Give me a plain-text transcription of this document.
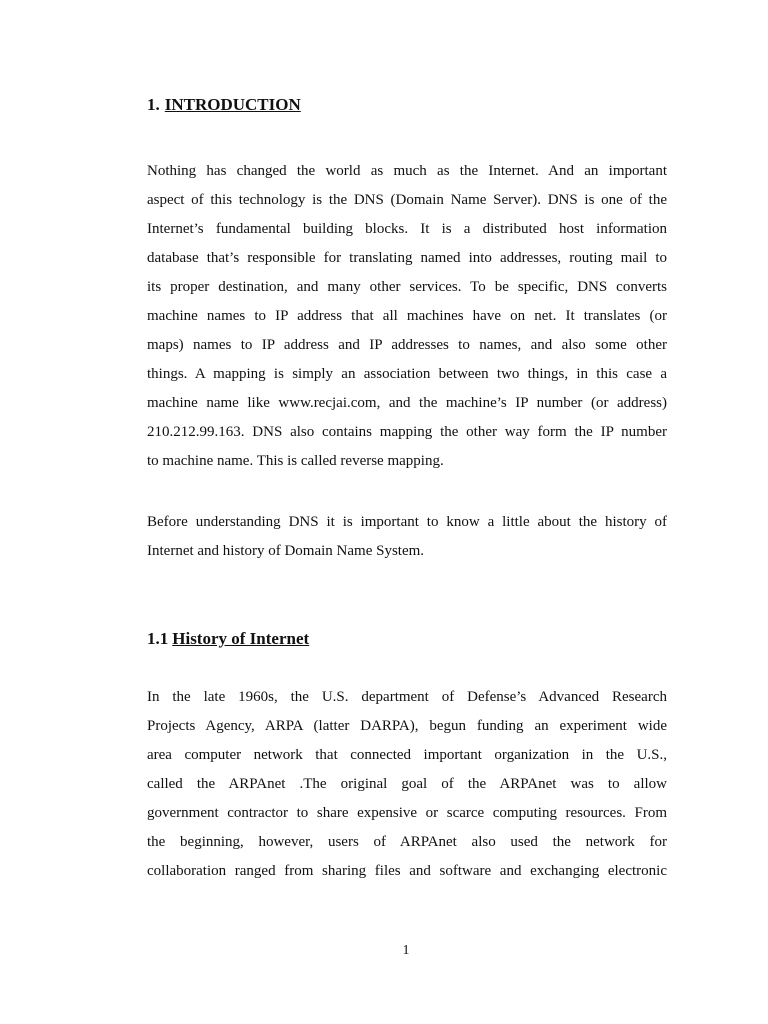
1. INTRODUCTION
Nothing has changed the world as much as the Internet. And an important
aspect of this technology is the DNS (Domain Name Server). DNS is one of the
Internet’s fundamental building blocks. It is a distributed host information
database that’s responsible for translating named into addresses, routing mail to
its proper destination, and many other services. To be specific, DNS converts
machine names to IP address that all machines have on net. It translates (or
maps) names to IP address and IP addresses to names, and also some other
things. A mapping is simply an association between two things, in this case a
machine name like www.recjai.com, and the machine’s IP number (or address)
210.212.99.163. DNS also contains mapping the other way form the IP number
to machine name. This is called reverse mapping.
Before understanding DNS it is important to know a little about the history of
Internet and history of Domain Name System.
1.1 History of Internet
In the late 1960s, the U.S. department of Defense’s Advanced Research
Projects Agency, ARPA (latter DARPA), begun funding an experiment wide
area computer network that connected important organization in the U.S.,
called the ARPAnet .The original goal of the ARPAnet was to allow
government contractor to share expensive or scarce computing resources. From
the beginning, however, users of ARPAnet also used the network for
collaboration ranged from sharing files and software and exchanging electronic
1
